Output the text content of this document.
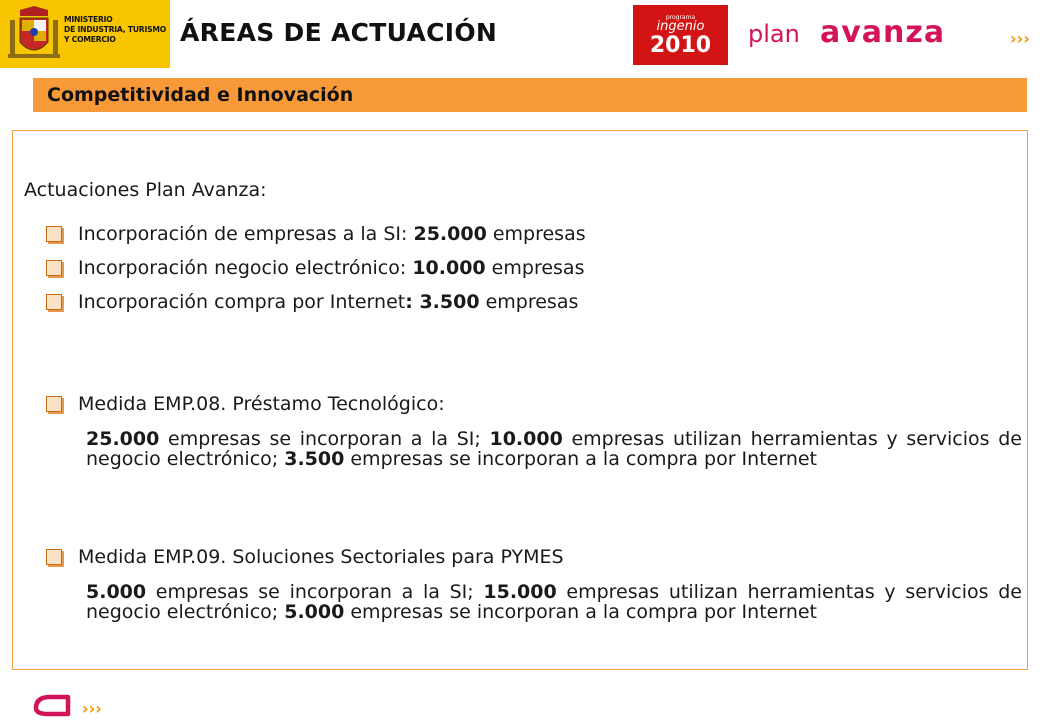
MINISTERIO
DE INDUSTRIA, TURISMO
Y COMERCIO	ÁREAS DE ACTUACIÓN
programa
ingenio
2010	plan avanza	›››
Competitividad e Innovación
Actuaciones Plan Avanza:
Incorporación de empresas a la SI: 25.000 empresas
Incorporación negocio electrónico: 10.000 empresas
Incorporación compra por Internet: 3.500 empresas
Medida EMP.08. Préstamo Tecnológico:
25.000 empresas se incorporan a la SI; 10.000 empresas utilizan herramientas y servicios de negocio electrónico; 3.500 empresas se incorporan a la compra por Internet
Medida EMP.09. Soluciones Sectoriales para PYMES
5.000 empresas se incorporan a la SI; 15.000 empresas utilizan herramientas y servicios de negocio electrónico; 5.000 empresas se incorporan a la compra por Internet
›››
